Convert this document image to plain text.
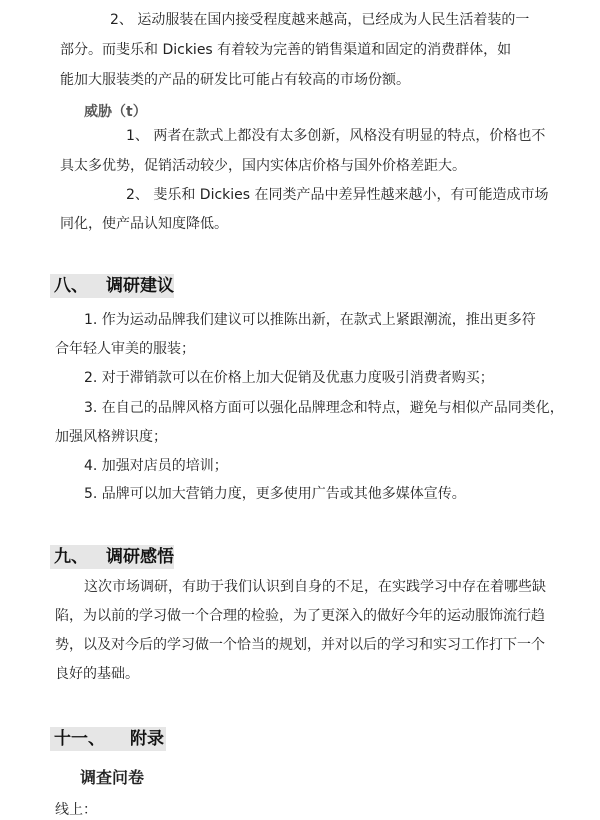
2、 运动服装在国内接受程度越来越高，已经成为人民生活着装的一
部分。而斐乐和 Dickies 有着较为完善的销售渠道和固定的消费群体，如
能加大服装类的产品的研发比可能占有较高的市场份额。
威胁（t）
1、 两者在款式上都没有太多创新，风格没有明显的特点，价格也不
具太多优势，促销活动较少，国内实体店价格与国外价格差距大。
2、 斐乐和 Dickies 在同类产品中差异性越来越小，有可能造成市场
同化，使产品认知度降低。
八、 调研建议
1. 作为运动品牌我们建议可以推陈出新，在款式上紧跟潮流，推出更多符
合年轻人审美的服装；
2. 对于滞销款可以在价格上加大促销及优惠力度吸引消费者购买；
3. 在自己的品牌风格方面可以强化品牌理念和特点，避免与相似产品同类化，
加强风格辨识度；
4. 加强对店员的培训；
5. 品牌可以加大营销力度，更多使用广告或其他多媒体宣传。
九、 调研感悟
这次市场调研，有助于我们认识到自身的不足，在实践学习中存在着哪些缺
陷，为以前的学习做一个合理的检验，为了更深入的做好今年的运动服饰流行趋
势，以及对今后的学习做一个恰当的规划，并对以后的学习和实习工作打下一个
良好的基础。
十一、 附录
调查问卷
线上：
